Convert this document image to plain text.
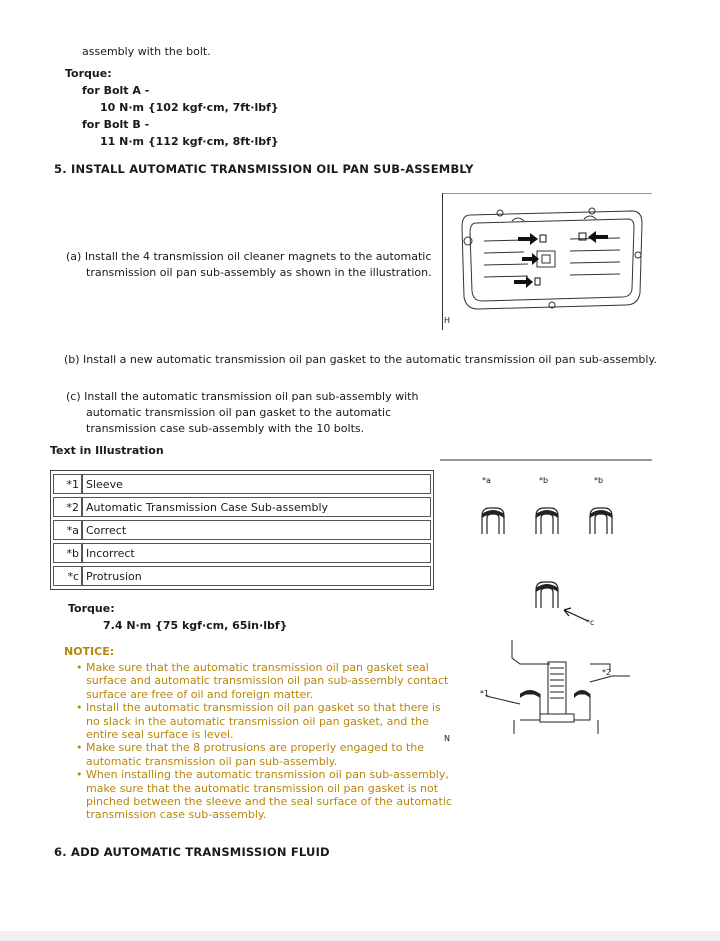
assembly with the bolt.
Torque:
for Bolt A -
10 N·m {102 kgf·cm, 7ft·lbf}
for Bolt B -
11 N·m {112 kgf·cm, 8ft·lbf}
5. INSTALL AUTOMATIC TRANSMISSION OIL PAN SUB-ASSEMBLY
(a) Install the 4 transmission oil cleaner magnets to the automatic
transmission oil pan sub-assembly as shown in the illustration.
H
(b) Install a new automatic transmission oil pan gasket to the automatic transmission oil pan sub-assembly.
(c) Install the automatic transmission oil pan sub-assembly with
automatic transmission oil pan gasket to the automatic
transmission case sub-assembly with the 10 bolts.
Text in Illustration
*1	Sleeve
*2	Automatic Transmission Case Sub-assembly
*a	Correct
*b	Incorrect
*c	Protrusion
*a	*b	*b
*c
*2
*1
N
Torque:
7.4 N·m {75 kgf·cm, 65in·lbf}
NOTICE:
• Make sure that the automatic transmission oil pan gasket seal surface and automatic transmission oil pan sub-assembly contact surface are free of oil and foreign matter.
• Install the automatic transmission oil pan gasket so that there is no slack in the automatic transmission oil pan gasket, and the entire seal surface is level.
• Make sure that the 8 protrusions are properly engaged to the automatic transmission oil pan sub-assembly.
• When installing the automatic transmission oil pan sub-assembly, make sure that the automatic transmission oil pan gasket is not pinched between the sleeve and the seal surface of the automatic transmission case sub-assembly.
6. ADD AUTOMATIC TRANSMISSION FLUID
